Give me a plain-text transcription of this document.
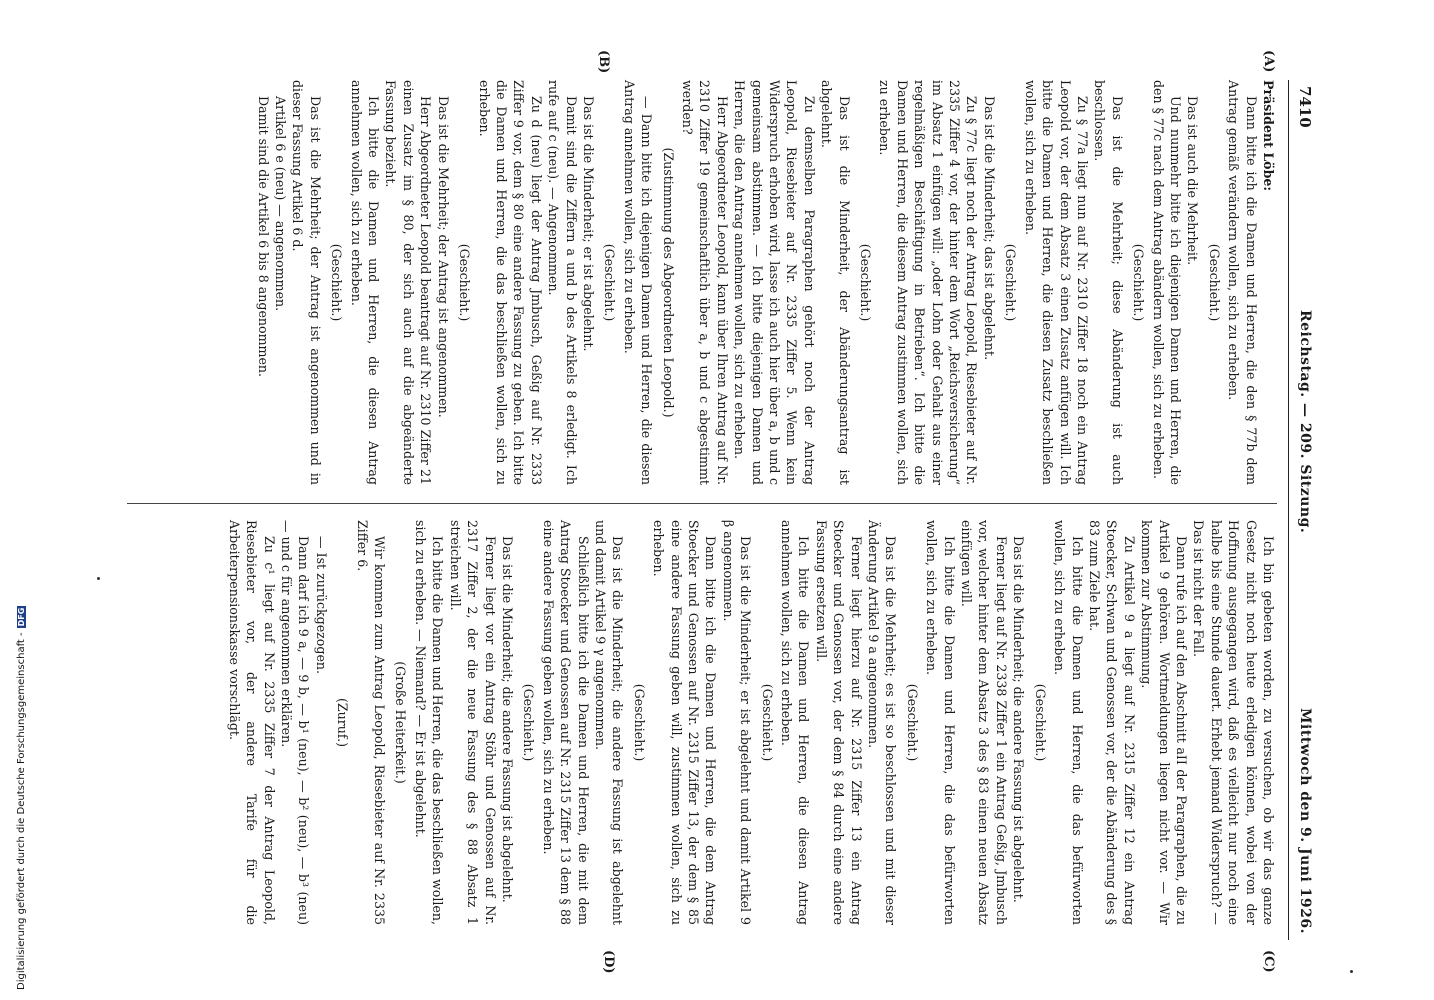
7410
Reichstag. — 209. Sitzung.
Mittwoch den 9. Juni 1926.
(A)
(B)
(C)
(D)

Präsident Löbe:

Dann bitte ich die Damen und Herren, die den § 77b dem Antrag gemäß verändern wollen, sich zu erheben.

(Geschieht.)

Das ist auch die Mehrheit.

Und nunmehr bitte ich diejenigen Damen und Herren, die den § 77c nach dem Antrag abändern wollen, sich zu erheben.

(Geschieht.)

Das ist die Mehrheit; diese Abänderung ist auch beschlossen.

Zu § 77a liegt nun auf Nr. 2310 Ziffer 18 noch ein Antrag Leopold vor, der dem Absatz 3 einen Zusatz anfügen will. Ich bitte die Damen und Herren, die diesen Zusatz beschließen wollen, sich zu erheben.

(Geschieht.)

Das ist die Minderheit; das ist abgelehnt.

Zu § 77c liegt noch der Antrag Leopold, Riesebieter auf Nr. 2335 Ziffer 4 vor, der hinter dem Wort „Reichsversicherung“ im Absatz 1 einfügen will: „oder Lohn oder Gehalt aus einer regelmäßigen Beschäftigung in Betrieben“. Ich bitte die Damen und Herren, die diesem Antrag zustimmen wollen, sich zu erheben.

(Geschieht.)

Das ist die Minderheit, der Abänderungsantrag ist abgelehnt.

Zu demselben Paragraphen gehört noch der Antrag Leopold, Riesebieter auf Nr. 2335 Ziffer 5. Wenn kein Widerspruch erhoben wird, lasse ich auch hier über a, b und c gemeinsam abstimmen. — Ich bitte diejenigen Damen und Herren, die den Antrag annehmen wollen, sich zu erheben.

Herr Abgeordneter Leopold, kann über Ihren Antrag auf Nr. 2310 Ziffer 19 gemeinschaftlich über a, b und c abgestimmt werden?

(Zustimmung des Abgeordneten Leopold.)

— Dann bitte ich diejenigen Damen und Herren, die diesen Antrag annehmen wollen, sich zu erheben.

(Geschieht.)

Das ist die Minderheit; er ist abgelehnt.

Damit sind die Ziffern a und b des Artikels 8 erledigt. Ich rufe auf c (neu). — Angenommen.

Zu d (neu) liegt der Antrag Jmbusch, Geßig auf Nr. 2333 Ziffer 9 vor, dem § 80 eine andere Fassung zu geben. Ich bitte die Damen und Herren, die das beschließen wollen, sich zu erheben.

(Geschieht.)

Das ist die Mehrheit; der Antrag ist angenommen.

Herr Abgeordneter Leopold beantragt auf Nr. 2310 Ziffer 21 einen Zusatz im § 80, der sich auch auf die abgeänderte Fassung bezieht.

Ich bitte die Damen und Herren, die diesen Antrag annehmen wollen, sich zu erheben.

(Geschieht.)

Das ist die Mehrheit; der Antrag ist angenommen und in dieser Fassung Artikel 6 d.

Artikel 6 e (neu) — angenommen.

Damit sind die Artikel 6 bis 8 angenommen.

Ich bin gebeten worden, zu versuchen, ob wir das ganze Gesetz nicht noch heute erledigen können, wobei von der Hoffnung ausgegangen wird, daß es vielleicht nur noch eine halbe bis eine Stunde dauert. Erhebt jemand Widerspruch? — Das ist nicht der Fall.

Dann rufe ich auf den Abschnitt aII der Paragraphen, die zu Artikel 9 gehören. Wortmeldungen liegen nicht vor. — Wir kommen zur Abstimmung.

Zu Artikel 9 a liegt auf Nr. 2315 Ziffer 12 ein Antrag Stoecker, Schwan und Genossen vor, der die Abänderung des § 83 zum Ziele hat.

Ich bitte die Damen und Herren, die das befürworten wollen, sich zu erheben.

(Geschieht.)

Das ist die Minderheit; die andere Fassung ist abgelehnt.

Ferner liegt auf Nr. 2338 Ziffer 1 ein Antrag Geßig, Jmbusch vor, welcher hinter dem Absatz 3 des § 83 einen neuen Absatz einfügen will.

Ich bitte die Damen und Herren, die das befürworten wollen, sich zu erheben.

(Geschieht.)

Das ist die Mehrheit; es ist so beschlossen und mit dieser Änderung Artikel 9 a angenommen.

Ferner liegt hierzu auf Nr. 2315 Ziffer 13 ein Antrag Stoecker und Genossen vor, der dem § 84 durch eine andere Fassung ersetzen will.

Ich bitte die Damen und Herren, die diesen Antrag annehmen wollen, sich zu erheben.

(Geschieht.)

Das ist die Minderheit; er ist abgelehnt und damit Artikel 9 β angenommen.

Dann bitte ich die Damen und Herren, die dem Antrag Stoecker und Genossen auf Nr. 2315 Ziffer 13, der dem § 85 eine andere Fassung geben will, zustimmen wollen, sich zu erheben.

(Geschieht.)

Das ist die Minderheit; die andere Fassung ist abgelehnt und damit Artikel 9 γ angenommen.

Schließlich bitte ich die Damen und Herren, die mit dem Antrag Stoecker und Genossen auf Nr. 2315 Ziffer 13 dem § 88 eine andere Fassung geben wollen, sich zu erheben.

(Geschieht.)

Das ist die Minderheit; die andere Fassung ist abgelehnt.

Ferner liegt vor ein Antrag Stöhr und Genossen auf Nr. 2317 Ziffer 2, der die neue Fassung des § 88 Absatz 1 streichen will.

Ich bitte die Damen und Herren, die das beschließen wollen, sich zu erheben. — Niemand? — Er ist abgelehnt.

(Große Heiterkeit.)

Wir kommen zum Antrag Leopold, Riesebieter auf Nr. 2335 Ziffer 6.

(Zuruf.)

— Ist zurückgezogen.

Dann darf ich 9 a, — 9 b, — b¹ (neu), — b² (neu), — b³ (neu) — und c für angenommen erklären.

Zu c¹ liegt auf Nr. 2335 Ziffer 7 der Antrag Leopold, Riesebieter vor, der andere Tarife für die Arbeiterpensionskasse vorschlägt.

Digitalisierung gefördert durch die Deutsche Forschungsgemeinschaft -DFG
